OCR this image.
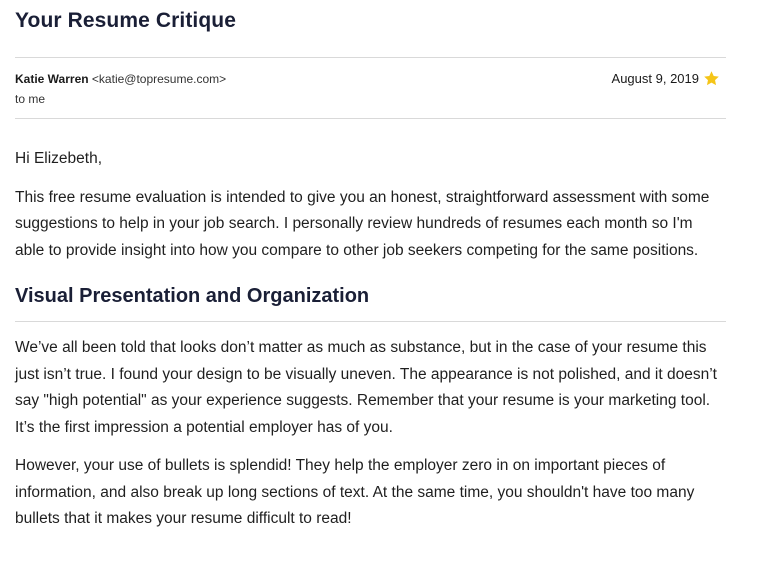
Your Resume Critique
Katie Warren <katie@topresume.com>
to me
August 9, 2019

Hi Elizebeth,

This free resume evaluation is intended to give you an honest, straightforward assessment with some suggestions to help in your job search. I personally review hundreds of resumes each month so I'm able to provide insight into how you compare to other job seekers competing for the same positions.

Visual Presentation and Organization

We’ve all been told that looks don’t matter as much as substance, but in the case of your resume this just isn’t true. I found your design to be visually uneven. The appearance is not polished, and it doesn’t say "high potential" as your experience suggests. Remember that your resume is your marketing tool. It’s the first impression a potential employer has of you.

However, your use of bullets is splendid! They help the employer zero in on important pieces of information, and also break up long sections of text. At the same time, you shouldn't have too many bullets that it makes your resume difficult to read!
